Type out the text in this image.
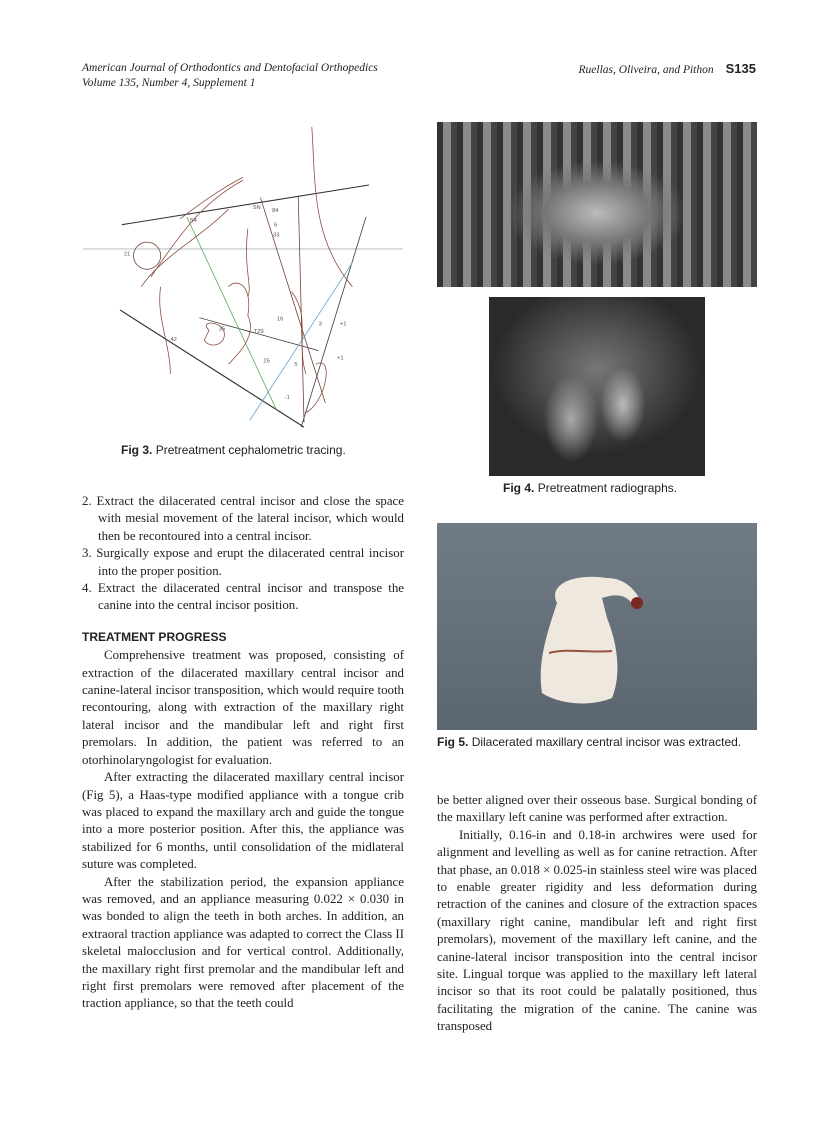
American Journal of Orthodontics and Dentofacial Orthopedics
Volume 135, Number 4, Supplement 1
Ruellas, Oliveira, and Pithon S135
SN
S4
21
42
35	T29
16
3	+1
+1
25
5
-1
84
6
33
Fig 3. Pretreatment cephalometric tracing.
Fig 4. Pretreatment radiographs.
Fig 5. Dilacerated maxillary central incisor was extracted.
2. Extract the dilacerated central incisor and close the space with mesial movement of the lateral incisor, which would then be recontoured into a central incisor.
3. Surgically expose and erupt the dilacerated central incisor into the proper position.
4. Extract the dilacerated central incisor and transpose the canine into the central incisor position.
TREATMENT PROGRESS

Comprehensive treatment was proposed, consisting of extraction of the dilacerated maxillary central incisor and canine-lateral incisor transposition, which would require tooth recontouring, along with extraction of the maxillary right lateral incisor and the mandibular left and right first premolars. In addition, the patient was referred to an otorhinolaryngologist for evaluation.

After extracting the dilacerated maxillary central incisor (Fig 5), a Haas-type modified appliance with a tongue crib was placed to expand the maxillary arch and guide the tongue into a more posterior position. After this, the appliance was stabilized for 6 months, until consolidation of the midlateral suture was completed.

After the stabilization period, the expansion appliance was removed, and an appliance measuring 0.022 × 0.030 in was bonded to align the teeth in both arches. In addition, an extraoral traction appliance was adapted to correct the Class II skeletal malocclusion and for vertical control. Additionally, the maxillary right first premolar and the mandibular left and right first premolars were removed after placement of the traction appliance, so that the teeth could

be better aligned over their osseous base. Surgical bonding of the maxillary left canine was performed after extraction.

Initially, 0.16-in and 0.18-in archwires were used for alignment and levelling as well as for canine retraction. After that phase, an 0.018 × 0.025-in stainless steel wire was placed to enable greater rigidity and less deformation during retraction of the canines and closure of the extraction spaces (maxillary right canine, mandibular left and right first premolars), movement of the maxillary left canine, and the canine-lateral incisor transposition into the central incisor site. Lingual torque was applied to the maxillary left lateral incisor so that its root could be palatally positioned, thus facilitating the migration of the canine. The canine was transposed
